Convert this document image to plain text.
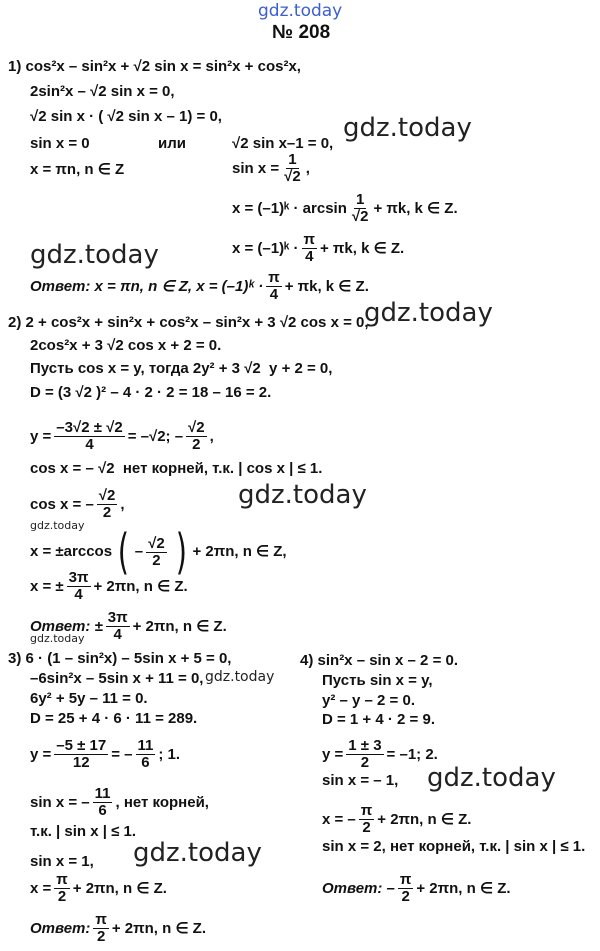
gdz.today
№ 208
1)
cos²x – sin²x + √2 sin x = sin²x + cos²x,
2sin²x – √2 sin x = 0,
√2 sin x · ( √2 sin x – 1) = 0,
sin x = 0	или	√2 sin x–1 = 0,
x = πn, n ∈ Z	$\sin x = \frac{1}{√2}$ ,
x = (–1)ᵏ · $\arcsin \frac{1}{√2} + \pi k$, k ∈ Z.
x = (–1)ᵏ · $\frac{\pi}{4} + \pi k$, k ∈ Z.
Ответ: x = πn, n ∈ Z, x = (–1)ᵏ · $\frac{\pi}{4} + \pi k$, k ∈ Z.
2)
2 + cos²x + sin²x + cos²x – sin²x + 3 √2 cos x = 0,
2cos²x + 3 √2 cos x + 2 = 0.
Пусть cos x = y, тогда 2y² + 3 √2  y + 2 = 0,
D = (3 √2 )² – 4 · 2 · 2 = 18 – 16 = 2.
$y = \frac{-3√2 \pm √2}{4} = -√2$; – $\frac{√2}{2}$ ,
cos x = – √2  нет корней, т.к. | cos x | ≤ 1.
cos x = – $\frac{√2}{2}$ ,
x = ±arccos ( – $\frac{√2}{2}$ ) + 2πn, n ∈ Z,
x = ± $\frac{3\pi}{4} + 2\pi n$, n ∈ Z.
Ответ: ± $\frac{3\pi}{4} + 2\pi n$, n ∈ Z.
3)
6 · (1 – sin²x) – 5sin x + 5 = 0,
–6sin²x – 5sin x + 11 = 0,
6y² + 5y – 11 = 0.
D = 25 + 4 · 6 · 11 = 289.
$y = \frac{-5 \pm 17}{12}$ = – $\frac{11}{6}$ ; 1.
sin x = – $\frac{11}{6}$ , нет корней,
т.к. | sin x | ≤ 1.
sin x = 1,
$x = \frac{\pi}{2} + 2\pi n$, n ∈ Z.
Ответ: $\frac{\pi}{2} + 2\pi n$, n ∈ Z.
4)
sin²x – sin x – 2 = 0.
Пусть sin x = y,
y² – y – 2 = 0.
D = 1 + 4 · 2 = 9.
$y = \frac{1 \pm 3}{2} = -1$; 2.
sin x = – 1,
x = – $\frac{\pi}{2} + 2\pi n$, n ∈ Z.
sin x = 2, нет корней, т.к. | sin x | ≤ 1.
Ответ: – $\frac{\pi}{2} + 2\pi n$, n ∈ Z.
gdz.today
gdz.today
gdz.today
gdz.today
gdz.today
gdz.today
gdz.today
gdz.today
gdz.today
